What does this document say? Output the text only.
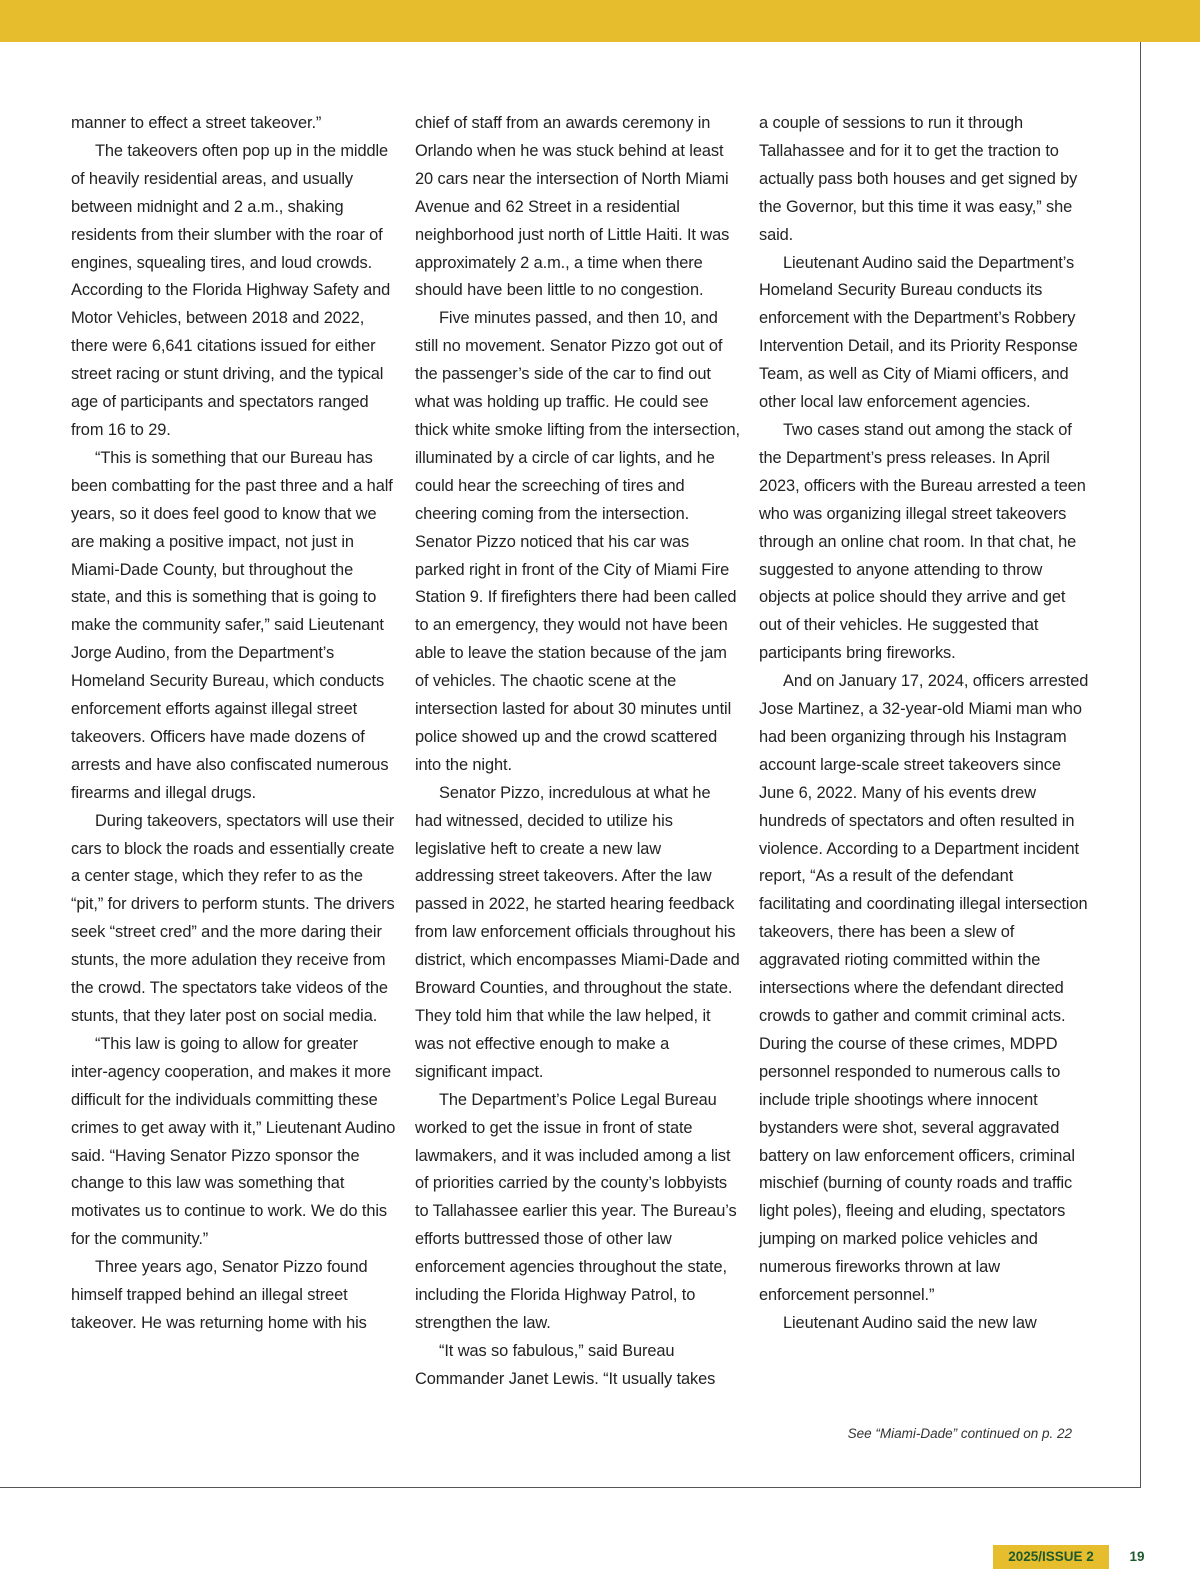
manner to effect a street takeover.”

The takeovers often pop up in the middle of heavily residential areas, and usually between midnight and 2 a.m., shaking residents from their slumber with the roar of engines, squealing tires, and loud crowds. According to the Florida Highway Safety and Motor Vehicles, between 2018 and 2022, there were 6,641 citations issued for either street racing or stunt driving, and the typical age of participants and spectators ranged from 16 to 29.

“This is something that our Bureau has been combatting for the past three and a half years, so it does feel good to know that we are making a positive impact, not just in Miami-Dade County, but throughout the state, and this is something that is going to make the community safer,” said Lieutenant Jorge Audino, from the Department’s Homeland Security Bureau, which conducts enforcement efforts against illegal street takeovers. Officers have made dozens of arrests and have also confiscated numerous firearms and illegal drugs.

During takeovers, spectators will use their cars to block the roads and essentially create a center stage, which they refer to as the “pit,” for drivers to perform stunts. The drivers seek “street cred” and the more daring their stunts, the more adulation they receive from the crowd. The spectators take videos of the stunts, that they later post on social media.

“This law is going to allow for greater inter-agency cooperation, and makes it more difficult for the individuals committing these crimes to get away with it,” Lieutenant Audino said. “Having Senator Pizzo sponsor the change to this law was something that motivates us to continue to work. We do this for the community.”

Three years ago, Senator Pizzo found himself trapped behind an illegal street takeover. He was returning home with his

chief of staff from an awards ceremony in Orlando when he was stuck behind at least 20 cars near the intersection of North Miami Avenue and 62 Street in a residential neighborhood just north of Little Haiti. It was approximately 2 a.m., a time when there should have been little to no congestion.

Five minutes passed, and then 10, and still no movement. Senator Pizzo got out of the passenger’s side of the car to find out what was holding up traffic. He could see thick white smoke lifting from the intersection, illuminated by a circle of car lights, and he could hear the screeching of tires and cheering coming from the intersection. Senator Pizzo noticed that his car was parked right in front of the City of Miami Fire Station 9. If firefighters there had been called to an emergency, they would not have been able to leave the station because of the jam of vehicles. The chaotic scene at the intersection lasted for about 30 minutes until police showed up and the crowd scattered into the night.

Senator Pizzo, incredulous at what he had witnessed, decided to utilize his legislative heft to create a new law addressing street takeovers. After the law passed in 2022, he started hearing feedback from law enforcement officials throughout his district, which encompasses Miami-Dade and Broward Counties, and throughout the state. They told him that while the law helped, it was not effective enough to make a significant impact.

The Department’s Police Legal Bureau worked to get the issue in front of state lawmakers, and it was included among a list of priorities carried by the county’s lobbyists to Tallahassee earlier this year. The Bureau’s efforts buttressed those of other law enforcement agencies throughout the state, including the Florida Highway Patrol, to strengthen the law.

“It was so fabulous,” said Bureau Commander Janet Lewis. “It usually takes

a couple of sessions to run it through Tallahassee and for it to get the traction to actually pass both houses and get signed by the Governor, but this time it was easy,” she said.

Lieutenant Audino said the Department’s Homeland Security Bureau conducts its enforcement with the Department’s Robbery Intervention Detail, and its Priority Response Team, as well as City of Miami officers, and other local law enforcement agencies.

Two cases stand out among the stack of the Department’s press releases. In April 2023, officers with the Bureau arrested a teen who was organizing illegal street takeovers through an online chat room. In that chat, he suggested to anyone attending to throw objects at police should they arrive and get out of their vehicles. He suggested that participants bring fireworks.

And on January 17, 2024, officers arrested Jose Martinez, a 32-year-old Miami man who had been organizing through his Instagram account large-scale street takeovers since June 6, 2022. Many of his events drew hundreds of spectators and often resulted in violence. According to a Department incident report, “As a result of the defendant facilitating and coordinating illegal intersection takeovers, there has been a slew of aggravated rioting committed within the intersections where the defendant directed crowds to gather and commit criminal acts. During the course of these crimes, MDPD personnel responded to numerous calls to include triple shootings where innocent bystanders were shot, several aggravated battery on law enforcement officers, criminal mischief (burning of county roads and traffic light poles), fleeing and eluding, spectators jumping on marked police vehicles and numerous fireworks thrown at law enforcement personnel.”

Lieutenant Audino said the new law

See “Miami-Dade” continued on p. 22
2025/ISSUE 2	19
